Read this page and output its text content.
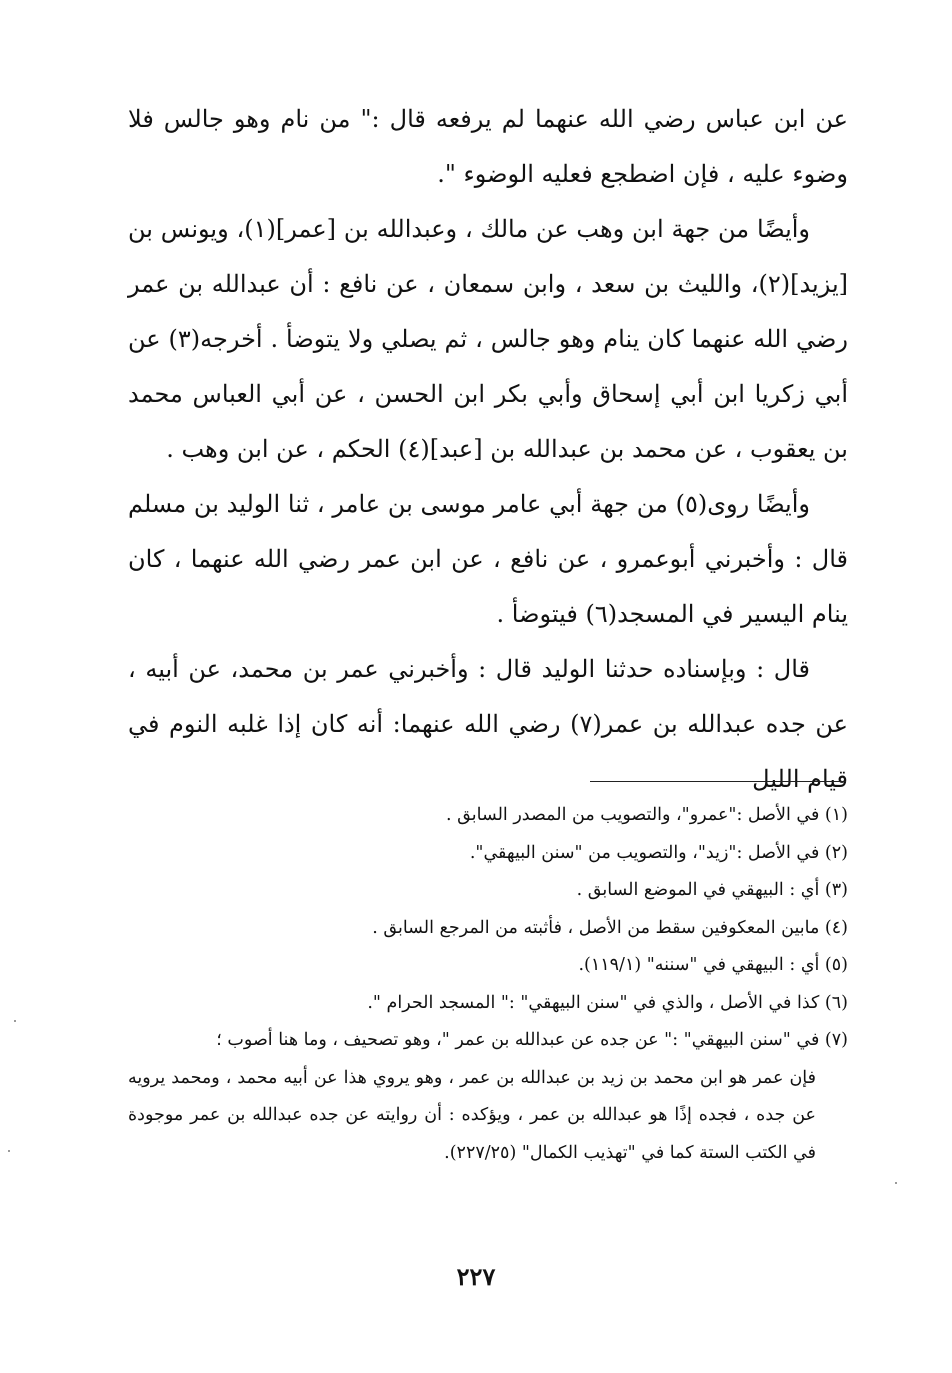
عن ابن عباس رضي الله عنهما لم يرفعه قال :" من نام وهو جالس فلا وضوء عليه ، فإن اضطجع فعليه الوضوء ".

وأيضًا من جهة ابن وهب عن مالك ، وعبدالله بن [عمر](١)، ويونس بن [يزيد](٢)، والليث بن سعد ، وابن سمعان ، عن نافع : أن عبدالله بن عمر رضي الله عنهما كان ينام وهو جالس ، ثم يصلي ولا يتوضأ . أخرجه(٣) عن أبي زكريا ابن أبي إسحاق وأبي بكر ابن الحسن ، عن أبي العباس محمد بن يعقوب ، عن محمد بن عبدالله بن [عبد](٤) الحكم ، عن ابن وهب .

وأيضًا روى(٥) من جهة أبي عامر موسى بن عامر ، ثنا الوليد بن مسلم قال : وأخبرني أبوعمرو ، عن نافع ، عن ابن عمر رضي الله عنهما ، كان ينام اليسير في المسجد(٦) فيتوضأ .

قال : وبإسناده حدثنا الوليد قال : وأخبرني عمر بن محمد، عن أبيه ، عن جده عبدالله بن عمر(٧) رضي الله عنهما: أنه كان إذا غلبه النوم في قيام الليل

(١) في الأصل :"عمرو"، والتصويب من المصدر السابق .

(٢) في الأصل :"زيد"، والتصويب من "سنن البيهقي".

(٣) أي : البيهقي في الموضع السابق .

(٤) مابين المعكوفين سقط من الأصل ، فأثبته من المرجع السابق .

(٥) أي : البيهقي في "سننه" (١١٩/١).

(٦) كذا في الأصل ، والذي في "سنن البيهقي" :" المسجد الحرام ".

(٧) في "سنن البيهقي" :" عن جده عن عبدالله بن عمر "، وهو تصحيف ، وما هنا أصوب ؛

فإن عمر هو ابن محمد بن زيد بن عبدالله بن عمر ، وهو يروي هذا عن أبيه محمد ، ومحمد يرويه عن جده ، فجده إذًا هو عبدالله بن عمر ، ويؤكده : أن روايته عن جده عبدالله بن عمر موجودة في الكتب الستة كما في "تهذيب الكمال" (٢٢٧/٢٥).

٢٢٧
